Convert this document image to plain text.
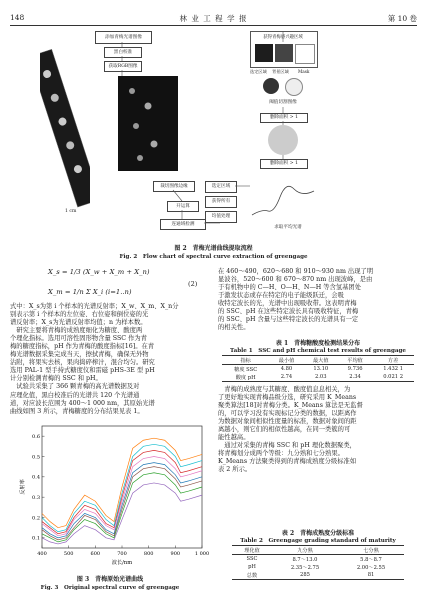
148	林 业 工 程 学 报	第 10 卷
1 cm
添加青梅光谱图像
黑白校准
获取RGB图像
裁切图像边缘
开运算
连通域检测
获得青梅感兴趣区域
选定区域 背景区域 Mask
阈值切割图像
删除面积 > 1
删除面积 > 1
选定区域
获得所有
均值处理
求取平均光谱
图 2　青梅光谱曲线提取流程
Fig. 2　Flow chart of spectral curve extraction of greengage
X_s = 1/3 (X_w + X_m + X_n)
X_m = 1/n Σ X_i (i=1..n)
(2)
式中：X_s为第 i 个样本的光谱反射率；X_w、X_m、X_n分
别表示第 i 个样本的左位姿、右位姿和倒位姿的光
谱反射率；X_s为光谱反射率均值；n 为样本数。
　研究主要将青梅的成熟度细化为糖度、酸度两
个理化指标。选用可溶性固形物含量 SSC 作为青
梅的糖度指标，pH 作为青梅的酸度指标[16]。在青
梅光谱数据采集完成当天，擦拭青梅，确保无外物
沾附，将果实去核，果肉捣碎榨汁，混合均匀。研究
选用 PAL-1 型手持式糖度仪和雷磁 pHS-3E 型 pH
计分别检测青梅的 SSC 和 pH。
　试验共采集了 366 颗青梅的高光谱数据及对
应理化值，黑白校准后的光谱共 120 个光谱通
道，对应波长范围为 400～1 000 nm，其原始光谱
曲线如图 3 所示，青梅糖度的分布结果见表 1。
0.6
0.5
0.4
0.3
0.2
0.1
400	500	600	700	800	900	1 000
反射率
波长/nm
图 3　青梅原始光谱曲线
Fig. 3　Original spectral curve of greengage
在 460～490，620～680 和 910～930 nm 出现了明
显波谷，520～600 和 670～870 nm 出现波峰，是由
于有机物中的 C—H、O—H、N—H 等含氢基团处
于激发状态或存在特定的电子能级跃迁，会吸
收特定波长的光，光谱中出现吸收带。这表明青梅
的 SSC、pH 在这些特定波长具有吸收特征，青梅
的 SSC、pH 含量与这些特定波长的光谱具有一定
的相关性。
表 1　青梅糖酸度检测结果分布
Table 1　SSC and pH chemical test results of greengage
指标	最小值	最大值	平均值	方差
糖度 SSC	4.80	13.10	9.736	1.432 1
酸度 pH	2.74	2.03	2.34	0.021 2
　青梅的成熟度与其糖度、酸度值息息相关，为
了更好地实现青梅品级分选，研究采用 K_Means
聚类算法[18]对青梅分类。K_Means 算法是无监督
的，可以学习没有实现标记分类的数据，以距离作
为数据对象间相似性度量的标准，数据对象间的距
离越小，则它们的相似性越高，在同一类簇的可
能性越高。
　通过对采集的青梅 SSC 和 pH 理化数据聚类，
将青梅划分成两个等级：九分熟和七分熟果。
K_Means 方法聚类得到的青梅成熟度分级标准如
表 2 所示。
表 2　青梅成熟度分级标准
Table 2　Greengage grading standard of maturity
理化值	九分熟	七分熟
SSC	8.7～13.0	5.8～8.7
pH	2.35～2.75	2.00～2.55
总数	285	81
